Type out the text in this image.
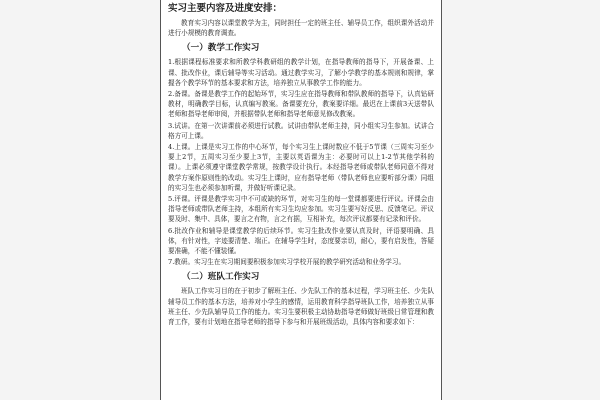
实习主要内容及进度安排：

教育实习内容以课堂教学为主，同时担任一定的班主任、辅导员工作，组织课外活动并进行小规模的教育调查。

（一）教学工作实习

1.根据课程标准要求和所教学科教研组的教学计划，在指导教师的指导下，开展备课、上课、批改作业，课后辅导等实习活动。通过教学实习，了解小学教学的基本规则和规律，掌握各个教学环节的基本要求和方法，培养独立从事教学工作的能力。

2.备课。备课是教学工作的起始环节，实习生应在指导教师和带队教师的指导下，认真钻研教材，明确教学目标，认真编写教案。备课要充分，教案要详细。最迟在上课前3天送带队老师和指导老师审阅，并根据带队老师和指导老师意见修改教案。

3.试讲。在第一次讲课前必须进行试教。试讲由带队老师主持，同小组实习生参加。试讲合格方可上课。

4.上课。上课是实习工作的中心环节，每个实习生上课时数应不低于5节课（三周实习至少要上2节，五周实习至少要上3节，主要以英语课为主：必要时可以上1-2节其他学科的课）。上课必须遵守课堂教学常规，按教学设计执行。本经指导老师或带队老师同意不得对教学方案作原则性的改动。实习生上课时，应有指导老师（带队老师也应要听部分课）同组的实习生也必须参加听课，并做好听课记录。

5.评课。评课是教学实习中不可或缺的环节，对实习生的每一堂课都要进行评议。评课会由指导老师或带队老师主持，本组所有实习生均应参加。实习生要写好反思、反馈笔记。评议要及时、集中、具体，要言之有物，言之有据，互相补充，每次评议都要有记录和评价。

6.批改作业和辅导是课堂教学的后续环节。实习生批改作业要认真及时，评语要明确、具体，有针对性，字迹要清楚、端正。在辅导学生时，态度要亲切，耐心，要有启发性，答疑要准确，不能不懂装懂。

7.教研。实习生在实习期间要积极参加实习学校开展的教学研究活动和业务学习。

（二）班队工作实习

班队工作实习目的在于初步了解班主任、少先队工作的基本过程，学习班主任、少先队辅导员工作的基本方法，培养对小学生的感情，运用教育科学指导班队工作，培养独立从事班主任、少先队辅导员工作的能力。实习生要积极主动协助指导老师做好班级日常管理和教育工作，要有计划地在指导老师的指导下参与和开展班级活动，具体内容和要求如下：
